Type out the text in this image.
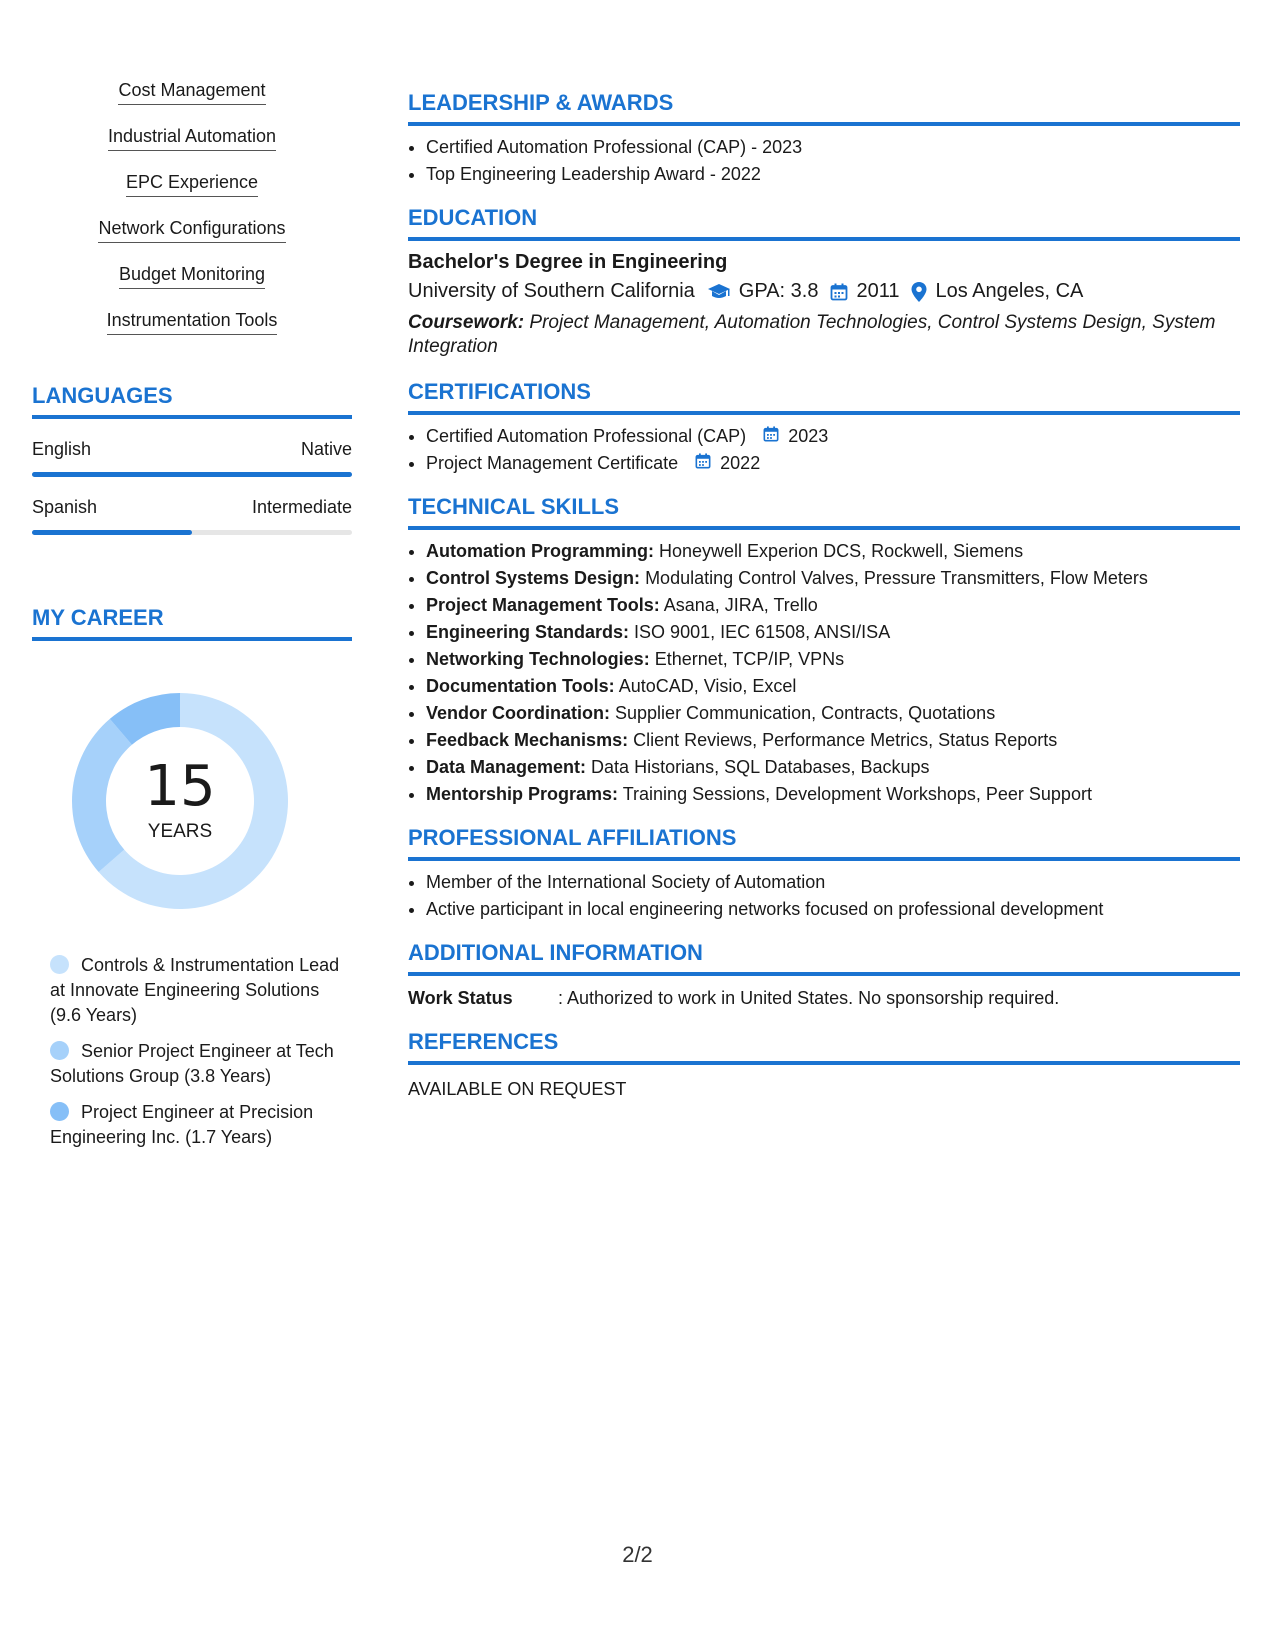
Cost Management
Industrial Automation
EPC Experience
Network Configurations
Budget Monitoring
Instrumentation Tools
LANGUAGES
English	Native
Spanish	Intermediate
MY CAREER
15
YEARS
Controls & Instrumentation Lead at Innovate Engineering Solutions (9.6 Years)
Senior Project Engineer at Tech Solutions Group (3.8 Years)
Project Engineer at Precision Engineering Inc. (1.7 Years)
LEADERSHIP & AWARDS
• Certified Automation Professional (CAP) - 2023
• Top Engineering Leadership Award - 2022
EDUCATION
Bachelor's Degree in Engineering
University of Southern California GPA: 3.8 2011 Los Angeles, CA
Coursework: Project Management, Automation Technologies, Control Systems Design, System Integration
CERTIFICATIONS
• Certified Automation Professional (CAP) 2023
• Project Management Certificate 2022
TECHNICAL SKILLS
• Automation Programming: Honeywell Experion DCS, Rockwell, Siemens
• Control Systems Design: Modulating Control Valves, Pressure Transmitters, Flow Meters
• Project Management Tools: Asana, JIRA, Trello
• Engineering Standards: ISO 9001, IEC 61508, ANSI/ISA
• Networking Technologies: Ethernet, TCP/IP, VPNs
• Documentation Tools: AutoCAD, Visio, Excel
• Vendor Coordination: Supplier Communication, Contracts, Quotations
• Feedback Mechanisms: Client Reviews, Performance Metrics, Status Reports
• Data Management: Data Historians, SQL Databases, Backups
• Mentorship Programs: Training Sessions, Development Workshops, Peer Support
PROFESSIONAL AFFILIATIONS
• Member of the International Society of Automation
• Active participant in local engineering networks focused on professional development
ADDITIONAL INFORMATION
Work Status	: Authorized to work in United States. No sponsorship required.
REFERENCES
AVAILABLE ON REQUEST
2/2
